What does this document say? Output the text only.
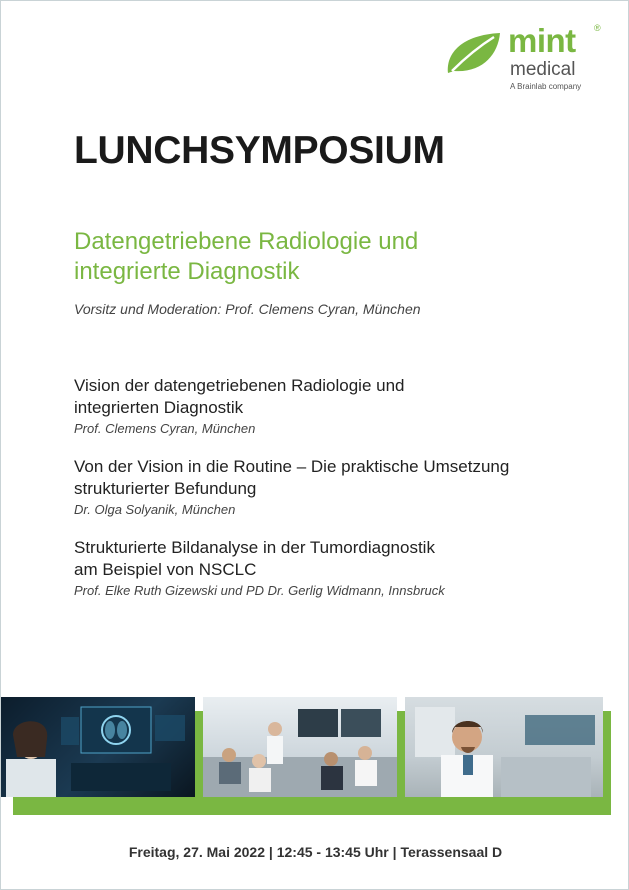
mint ®
medical
A Brainlab company
LUNCHSYMPOSIUM
Datengetriebene Radiologie und
integrierte Diagnostik
Vorsitz und Moderation: Prof. Clemens Cyran, München

Vision der datengetriebenen Radiologie und
integrierten Diagnostik

Prof. Clemens Cyran, München

Von der Vision in die Routine – Die praktische Umsetzung
strukturierter Befundung

Dr. Olga Solyanik, München

Strukturierte Bildanalyse in der Tumordiagnostik
am Beispiel von NSCLC

Prof. Elke Ruth Gizewski und PD Dr. Gerlig Widmann, Innsbruck
Freitag, 27. Mai 2022 | 12:45 - 13:45 Uhr | Terassensaal D
